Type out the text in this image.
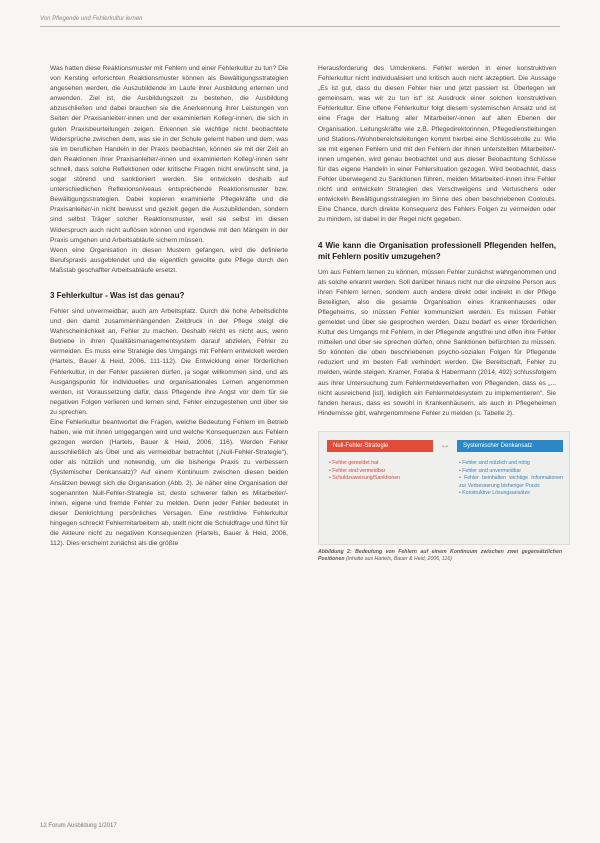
Von Pflegende und Fehlerkultur lernen

Was hatten diese Reaktionsmuster mit Fehlern und einer Fehlerkultur zu tun? Die von Kersting erforschten Reaktionsmuster können als Bewältigungsstrategien angesehen werden, die Auszubildende im Laufe ihrer Ausbildung erlernen und anwenden. Ziel ist, die Ausbildungszeit zu bestehen, die Ausbildung abzuschließen und dabei brauchen sie die Anerkennung ihrer Leistungen von Seiten der Praxisanleiter/-innen und der examinierten Kolleg/-innen, die sich in guten Praxisbeurteilungen zeigen. Erkennen sie wichtige nicht beobachtete Widersprüche zwischen dem, was sie in der Schule gelernt haben und dem, was sie im beruflichen Handeln in der Praxis beobachten, können sie mit der Zeit an den Reaktionen ihrer Praxisanleiter/-innen und examinierten Kolleg/-innen sehr schnell, dass solche Reflektionen oder kritische Fragen nicht erwünscht sind, ja sogar störend und sanktioniert werden. Sie entwickeln deshalb auf unterschiedlichen Reflexionsniveaus entsprechende Reaktionsmuster bzw. Bewältigungsstrategien. Dabei kopieren examinierte Pflegekräfte und die Praxisanleiter/-in nicht bewusst und gezielt gegen die Auszubildenden, sondern sind selbst Träger solcher Reaktionsmuster, weil sie selbst im diesen Widerspruch auch nicht auflösen können und irgendwie mit den Mängeln in der Praxis umgehen und Arbeitsabläufe sichern müssen.

Wenn eine Organisation in diesen Mustern gefangen, wird die definierte Berufspraxis ausgeblendet und die eigentlich gewollte gute Pflege durch den Maßstab geschaffter Arbeitsabläufe ersetzt.

3 Fehlerkultur - Was ist das genau?

Fehler sind unvermeidbar, auch am Arbeitsplatz. Durch die hohe Arbeitsdichte und den damit zusammenhängenden Zeitdruck in der Pflege steigt die Wahrscheinlichkeit an, Fehler zu machen. Deshalb reicht es nicht aus, wenn Betriebe in ihren Qualitätsmanagementsystem darauf abzielen, Fehler zu vermeiden. Es muss eine Strategie des Umgangs mit Fehlern entwickelt werden (Hartels, Bauer & Heid, 2006, 111-112). Die Entwicklung einer förderlichen Fehlerkultur, in der Fehler passieren dürfen, ja sogar willkommen sind, und als Ausgangspunkt für individuelles und organisationales Lernen angenommen werden, ist Voraussetzung dafür, dass Pflegende ihre Angst vor dem für sie negativen Folgen verlieren und lernen sind, Fehler einzugestehen und über sie zu sprechen.

Eine Fehlerkultur beantwortet die Fragen, welche Bedeutung Fehlern im Betrieb haben, wie mit ihnen umgegangen wird und welche Konsequenzen aus Fehlern gezogen werden (Hartels, Bauer & Heid, 2006, 116). Werden Fehler ausschließlich als Übel und als vermeidbar betrachtet („Null-Fehler-Strategie“), oder als nützlich und notwendig, um die bisherige Praxis zu verbessern (Systemischer Denkansatz)? Auf einem Kontinuum zwischen diesen beiden Ansätzen bewegt sich die Organisation (Abb. 2). Je näher eine Organisation der sogenannten Null-Fehler-Strategie ist, desto schwerer fallen es Mitarbeiter/-innen, eigene und fremde Fehler zu melden. Denn jeder Fehler bedeutet in dieser Denkrichtung persönliches Versagen. Eine restriktive Fehlerkultur hingegen schreckt Fehlermitarbeitern ab, stellt nicht die Schuldfrage und führt für die Akteure nicht zu negativen Konsequenzen (Hartels, Bauer & Heid, 2006, 112). Dies erscheint zunächst als die größte

Herausforderung des Umdenkens. Fehler werden in einer konstruktiven Fehlerkultur nicht individualisiert und kritisch auch nicht akzeptiert. Die Aussage „Es ist gut, dass du diesen Fehler hier und jetzt passiert ist. Überlegen wir gemeinsam, was wir zu tun ist“ ist Ausdruck einer solchen konstruktiven Fehlerkultur. Eine offene Fehlerkultur folgt diesem systemischen Ansatz und ist eine Frage der Haltung aller Mitarbeiter/-innen auf allen Ebenen der Organisation. Leitungskräfte wie z.B. Pflegedirektorinnen, Pflegedienstleitungen und Stations-/Wohnbereichsleitungen kommt hierbei eine Schlüsselrolle zu: Wie sie mit eigenen Fehlern und mit den Fehlern der ihnen unterstellten Mitarbeiter/-innen umgehen, wird genau beobachtet und aus dieser Beobachtung Schlüsse für das eigene Handeln in einer Fehlersituation gezogen. Wird beobachtet, dass Fehler überwiegend zu Sanktionen führen, meiden Mitarbeiter/-innen ihre Fehler nicht und entwickeln Strategien des Verschweigens und Vertuschens oder entwickeln Bewältigungsstrategien im Sinne des oben beschriebenen Coolouts. Eine Chance, durch direkte Konsequenz des Fehlers Folgen zu vermeiden oder zu mindern, ist dabei in der Regel nicht gegeben.

4 Wie kann die Organisation professionell Pflegenden helfen, mit Fehlern positiv umzugehen?

Um aus Fehlern lernen zu können, müssen Fehler zunächst wahrgenommen und als solche erkannt werden. Soll darüber hinaus nicht nur die einzelne Person aus ihren Fehlern lernen, sondern auch andere direkt oder indirekt in der Pflege Beteiligten, also die gesamte Organisation eines Krankenhauses oder Pflegeheims, so müssen Fehler kommuniziert werden. Es müssen Fehler gemeldet und über sie gesprochen werden. Dazu bedarf es einer förderlichen Kultur des Umgangs mit Fehlern, in der Pflegende angstfrei und offen ihre Fehler mitteilen und über sie sprechen dürfen, ohne Sanktionen befürchten zu müssen. So könnten die oben beschriebenen psycho-sozialen Folgen für Pflegende reduziert und im besten Fall verhindert werden. Die Bereitschaft, Fehler zu melden, würde steigen. Kramer, Folatia & Habermann (2014, 492) schlussfolgern aus ihrer Untersuchung zum Fehlermeldeverhalten von Pflegenden, dass es „... nicht ausreichend [ist], lediglich ein Fehlermeldesystem zu implementieren“. Sie fanden heraus, dass es sowohl in Krankenhäusern, als auch in Pflegeheimen Hindernisse gibt, wahrgenommene Fehler zu melden (s. Tabelle 2).

Null-Fehler-Strategie	↔	Systemischer Denkansatz
• Fehler gemeldet hat
• Fehler sind vermeidbar
• Schuldzuweisung/Sanktionen
• Fehler sind nützlich und nötig
• Fehler sind unvermeidbar
• Fehler beinhalten wichtige Informationen zur Verbesserung bisheriger Praxis
• Konstruktive Lösungsansätze
Abbildung 2: Bedeutung von Fehlern auf einem Kontinuum zwischen zwei gegensätzlichen Positionen (Inhalte aus Hartels, Bauer & Heid, 2006, 116)
12 Forum Ausbildung 1/2017
